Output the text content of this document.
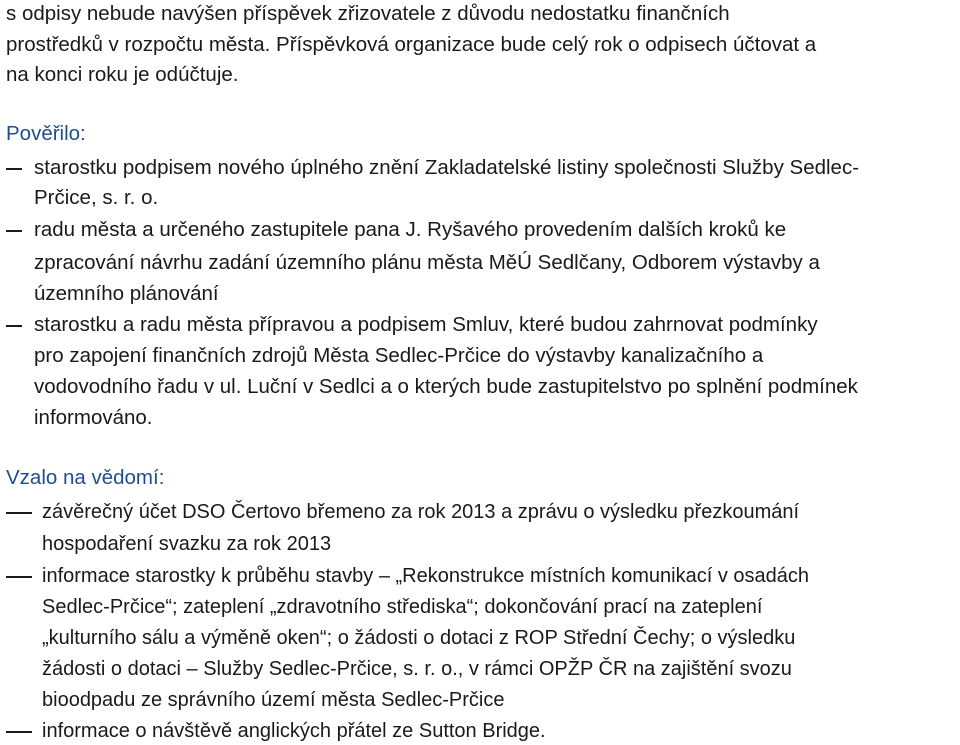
s odpisy nebude navýšen příspěvek zřizovatele z důvodu nedostatku finančních
prostředků v rozpočtu města. Příspěvková organizace bude celý rok o odpisech účtovat a
na konci roku je odúčtuje.
Pověřilo:
starostku podpisem nového úplného znění Zakladatelské listiny společnosti Služby Sedlec-
Prčice, s. r. o.
radu města a určeného zastupitele pana J. Ryšavého provedením dalších kroků ke
zpracování návrhu zadání územního plánu města MěÚ Sedlčany, Odborem výstavby a
územního plánování
starostku a radu města přípravou a podpisem Smluv, které budou zahrnovat podmínky
pro zapojení finančních zdrojů Města Sedlec-Prčice do výstavby kanalizačního a
vodovodního řadu v ul. Luční v Sedlci a o kterých bude zastupitelstvo po splnění podmínek
informováno.
Vzalo na vědomí:
závěrečný účet DSO Čertovo břemeno za rok 2013 a zprávu o výsledku přezkoumání
hospodaření svazku za rok 2013
informace starostky k průběhu stavby – „Rekonstrukce místních komunikací v osadách
Sedlec-Prčice“; zateplení „zdravotního střediska“; dokončování prací na zateplení
„kulturního sálu a výměně oken“; o žádosti o dotaci z ROP Střední Čechy; o výsledku
žádosti o dotaci – Služby Sedlec-Prčice, s. r. o., v rámci OPŽP ČR na zajištění svozu
bioodpadu ze správního území města Sedlec-Prčice
informace o návštěvě anglických přátel ze Sutton Bridge.
